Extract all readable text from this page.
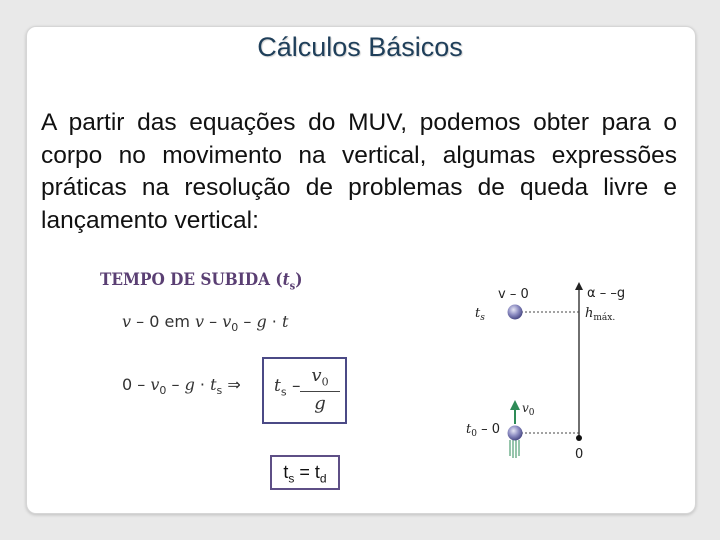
Cálculos Básicos
A partir das equações do MUV, podemos obter para o corpo no movimento na vertical, algumas expressões práticas na resolução de problemas de queda livre e lançamento vertical:
TEMPO DE SUBIDA $(t_s)$
v – 0 em $v - v_0 - g \cdot t$
$0 - v_0 - g \cdot t_s$ ⇒ $t_s - \frac{v_0}{g}$
$t_s = t_d$
v – 0
$t_s$
α – –g
$h_{máx.}$
$v_0$
$t_0 - 0$
0
